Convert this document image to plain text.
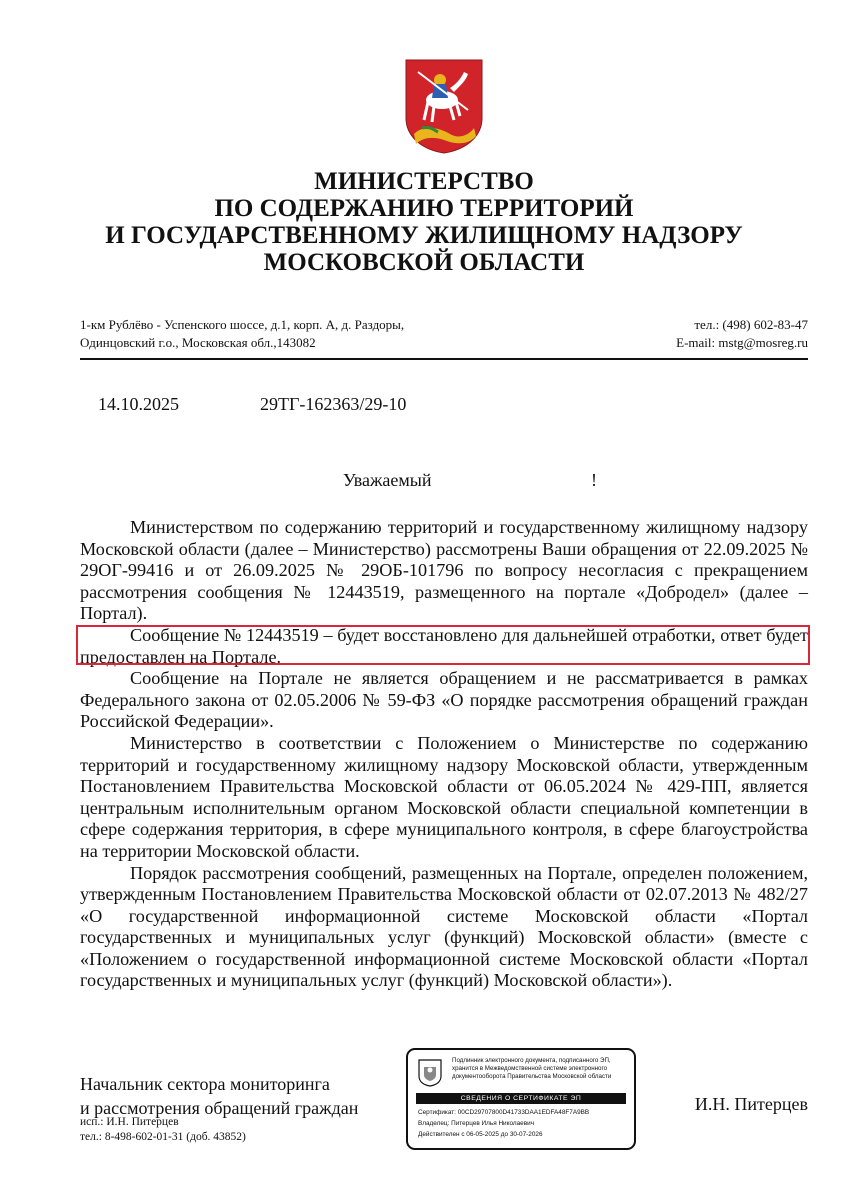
МИНИСТЕРСТВО
ПО СОДЕРЖАНИЮ ТЕРРИТОРИЙ
И ГОСУДАРСТВЕННОМУ ЖИЛИЩНОМУ НАДЗОРУ
МОСКОВСКОЙ ОБЛАСТИ
1-км Рублёво - Успенского шоссе, д.1, корп. А, д. Раздоры,
Одинцовский г.о., Московская обл.,143082
тел.: (498) 602-83-47
E-mail: mstg@mosreg.ru
14.10.2025	29ТГ-162363/29-10
Уважаемый	!

Министерством по содержанию территорий и государственному жилищному надзору Московской области (далее – Министерство) рассмотрены Ваши обращения от 22.09.2025 № 29ОГ-99416 и от 26.09.2025 № 29ОБ-101796 по вопросу несогласия с прекращением рассмотрения сообщения № 12443519, размещенного на портале «Добродел» (далее – Портал).

Сообщение № 12443519 – будет восстановлено для дальнейшей отработки, ответ будет предоставлен на Портале.

Сообщение на Портале не является обращением и не рассматривается в рамках Федерального закона от 02.05.2006 № 59-ФЗ «О порядке рассмотрения обращений граждан Российской Федерации».

Министерство в соответствии с Положением о Министерстве по содержанию территорий и государственному жилищному надзору Московской области, утвержденным Постановлением Правительства Московской области от 06.05.2024 № 429-ПП, является центральным исполнительным органом Московской области специальной компетенции в сфере содержания территория, в сфере муниципального контроля, в сфере благоустройства на территории Московской области.

Порядок рассмотрения сообщений, размещенных на Портале, определен положением, утвержденным Постановлением Правительства Московской области от 02.07.2013 № 482/27 «О государственной информационной системе Московской области «Портал государственных и муниципальных услуг (функций) Московской области» (вместе с «Положением о государственной информационной системе Московской области «Портал государственных и муниципальных услуг (функций) Московской области»).

Начальник сектора мониторинга
и рассмотрения обращений граждан
исп.: И.Н. Питерцев
тел.: 8-498-602-01-31 (доб. 43852)
И.Н. Питерцев
Подлинник электронного документа, подписанного ЭП,
хранится в Межведомственной системе электронного
документооборота Правительства Московской области
СВЕДЕНИЯ О СЕРТИФИКАТЕ ЭП
Сертификат: 00CD29707800D41733DAA1EDFA48F7A9BB
Владелец: Питерцев Илья Николаевич
Действителен с 06-05-2025 до 30-07-2026
